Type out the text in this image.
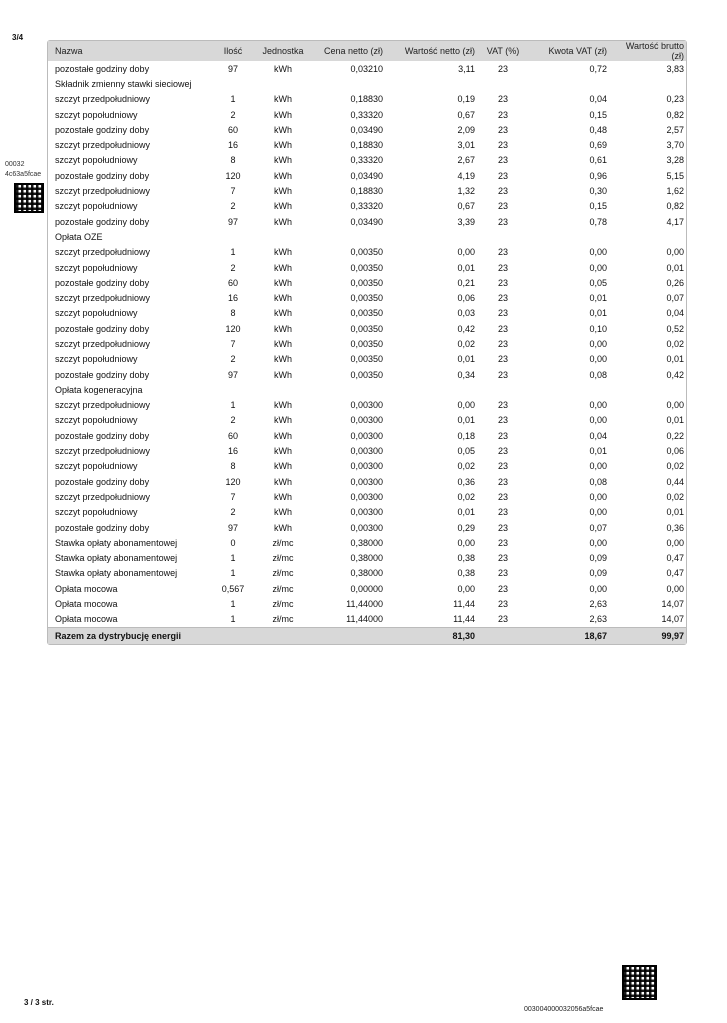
3/4
00032
4c63a5fcae
Nazwa	Ilość	Jednostka	Cena netto (zł)	Wartość netto (zł)	VAT (%)	Kwota VAT (zł)	Wartość brutto (zł)
pozostałe godziny doby	97	kWh	0,03210	3,11	23	0,72	3,83
Składnik zmienny stawki sieciowej							
szczyt przedpołudniowy	1	kWh	0,18830	0,19	23	0,04	0,23
szczyt popołudniowy	2	kWh	0,33320	0,67	23	0,15	0,82
pozostałe godziny doby	60	kWh	0,03490	2,09	23	0,48	2,57
szczyt przedpołudniowy	16	kWh	0,18830	3,01	23	0,69	3,70
szczyt popołudniowy	8	kWh	0,33320	2,67	23	0,61	3,28
pozostałe godziny doby	120	kWh	0,03490	4,19	23	0,96	5,15
szczyt przedpołudniowy	7	kWh	0,18830	1,32	23	0,30	1,62
szczyt popołudniowy	2	kWh	0,33320	0,67	23	0,15	0,82
pozostałe godziny doby	97	kWh	0,03490	3,39	23	0,78	4,17
Opłata OZE							
szczyt przedpołudniowy	1	kWh	0,00350	0,00	23	0,00	0,00
szczyt popołudniowy	2	kWh	0,00350	0,01	23	0,00	0,01
pozostałe godziny doby	60	kWh	0,00350	0,21	23	0,05	0,26
szczyt przedpołudniowy	16	kWh	0,00350	0,06	23	0,01	0,07
szczyt popołudniowy	8	kWh	0,00350	0,03	23	0,01	0,04
pozostałe godziny doby	120	kWh	0,00350	0,42	23	0,10	0,52
szczyt przedpołudniowy	7	kWh	0,00350	0,02	23	0,00	0,02
szczyt popołudniowy	2	kWh	0,00350	0,01	23	0,00	0,01
pozostałe godziny doby	97	kWh	0,00350	0,34	23	0,08	0,42
Opłata kogeneracyjna							
szczyt przedpołudniowy	1	kWh	0,00300	0,00	23	0,00	0,00
szczyt popołudniowy	2	kWh	0,00300	0,01	23	0,00	0,01
pozostałe godziny doby	60	kWh	0,00300	0,18	23	0,04	0,22
szczyt przedpołudniowy	16	kWh	0,00300	0,05	23	0,01	0,06
szczyt popołudniowy	8	kWh	0,00300	0,02	23	0,00	0,02
pozostałe godziny doby	120	kWh	0,00300	0,36	23	0,08	0,44
szczyt przedpołudniowy	7	kWh	0,00300	0,02	23	0,00	0,02
szczyt popołudniowy	2	kWh	0,00300	0,01	23	0,00	0,01
pozostałe godziny doby	97	kWh	0,00300	0,29	23	0,07	0,36
Stawka opłaty abonamentowej	0	zł/mc	0,38000	0,00	23	0,00	0,00
Stawka opłaty abonamentowej	1	zł/mc	0,38000	0,38	23	0,09	0,47
Stawka opłaty abonamentowej	1	zł/mc	0,38000	0,38	23	0,09	0,47
Opłata mocowa	0,567	zł/mc	0,00000	0,00	23	0,00	0,00
Opłata mocowa	1	zł/mc	11,44000	11,44	23	2,63	14,07
Opłata mocowa	1	zł/mc	11,44000	11,44	23	2,63	14,07
Razem za dystrybucję energii				81,30		18,67	99,97
3 / 3 str.
003004000032056a5fcae
